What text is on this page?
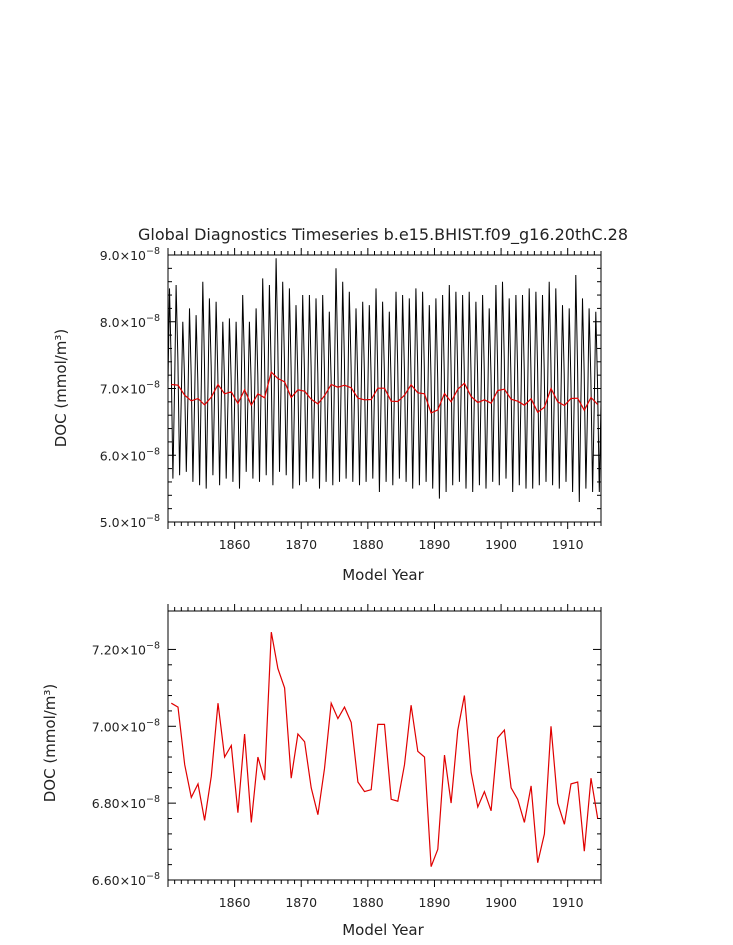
Global Diagnostics Timeseries b.e15.BHIST.f09_g16.20thC.28
1860	1870	1880	1890	1900	1910
$5.0\times 10^{-8}$
$6.0\times 10^{-8}$
$7.0\times 10^{-8}$
$8.0\times 10^{-8}$
$9.0\times 10^{-8}$
Model Year
DOC (mmol/m³)
1860	1870	1880	1890	1900	1910
$6.60\times 10^{-8}$
$6.80\times 10^{-8}$
$7.00\times 10^{-8}$
$7.20\times 10^{-8}$
Model Year
DOC (mmol/m³)
